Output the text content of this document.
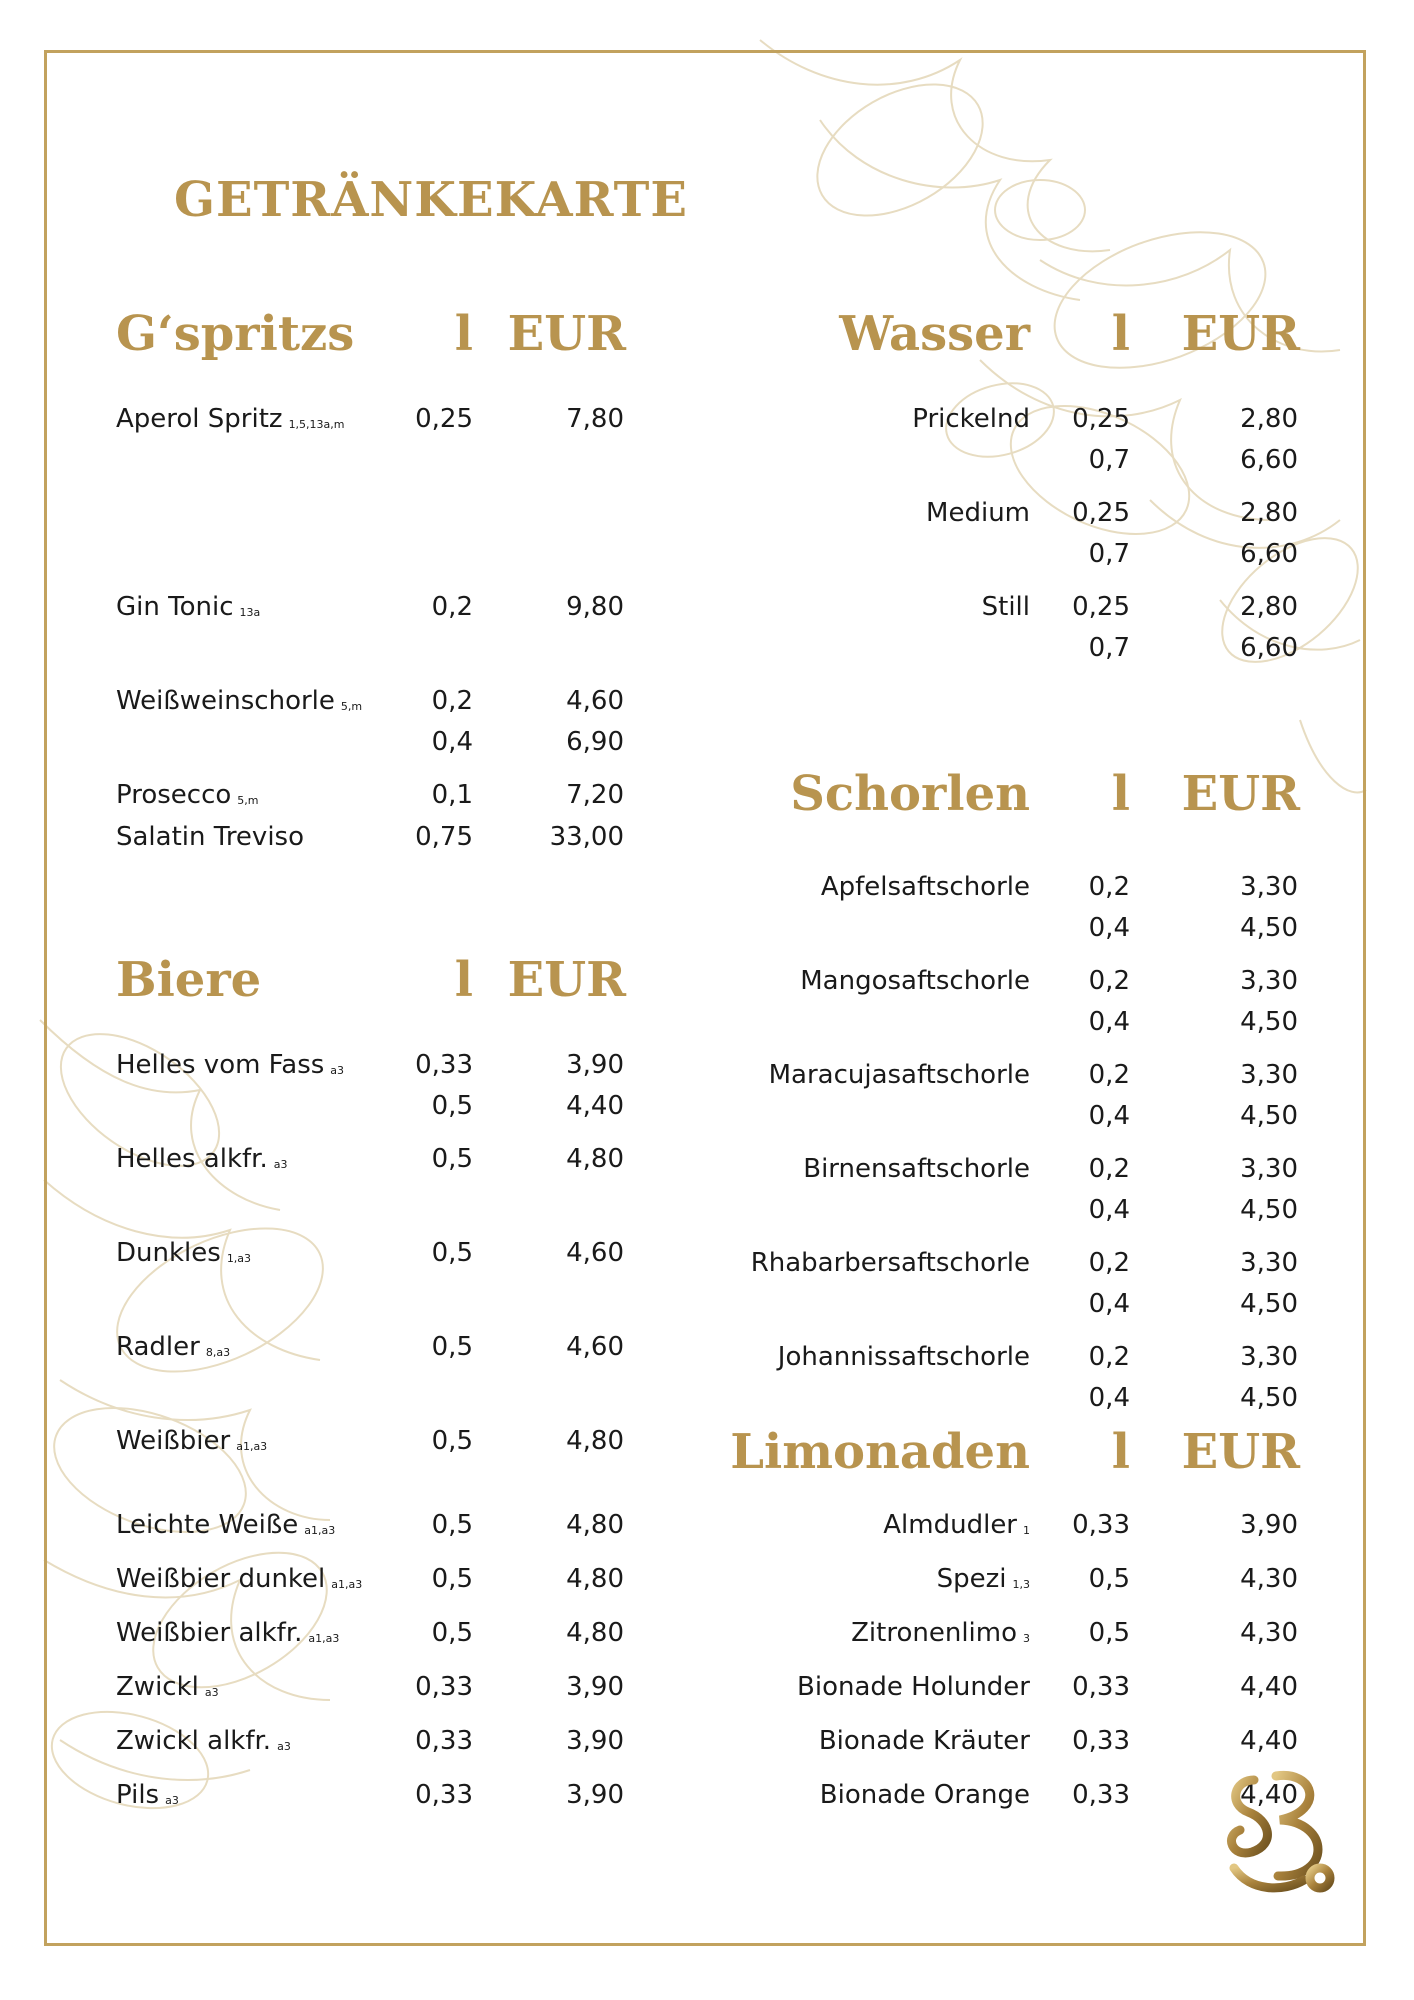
GETRÄNKEKARTE
G‘spritzs	l EUR
Aperol Spritz 1,5,13a,m	0,25	7,80
Gin Tonic 13a	0,2	9,80
Weißweinschorle 5,m	0,2	4,60
0,4	6,90
Prosecco 5,m	0,1	7,20
Salatin Treviso	0,75	33,00
Biere	l EUR
Helles vom Fass a3	0,33	3,90
0,5	4,40
Helles alkfr. a3	0,5	4,80
Dunkles 1,a3	0,5	4,60
Radler 8,a3	0,5	4,60
Weißbier a1,a3	0,5	4,80
Leichte Weiße a1,a3	0,5	4,80
Weißbier dunkel a1,a3	0,5	4,80
Weißbier alkfr. a1,a3	0,5	4,80
Zwickl a3	0,33	3,90
Zwickl alkfr. a3	0,33	3,90
Pils a3	0,33	3,90
Wasser	l	EUR
Prickelnd	0,25	2,80
0,7	6,60
Medium	0,25	2,80
0,7	6,60
Still	0,25	2,80
0,7	6,60
Schorlen	l	EUR
Apfelsaftschorle	0,2	3,30
0,4	4,50
Mangosaftschorle	0,2	3,30
0,4	4,50
Maracujasaftschorle	0,2	3,30
0,4	4,50
Birnensaftschorle	0,2	3,30
0,4	4,50
Rhabarbersaftschorle	0,2	3,30
0,4	4,50
Johannissaftschorle	0,2	3,30
0,4	4,50
Limonaden	l	EUR
Almdudler 1	0,33	3,90
Spezi 1,3	0,5	4,30
Zitronenlimo 3	0,5	4,30
Bionade Holunder	0,33	4,40
Bionade Kräuter	0,33	4,40
Bionade Orange	0,33	4,40
